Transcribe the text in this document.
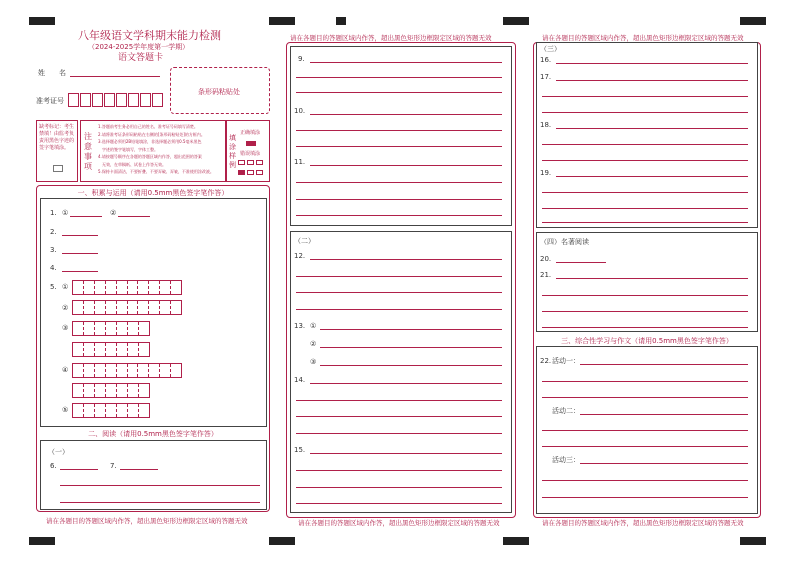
八年级语文学科期末能力检测
（2024-2025学年度第一学期）
语文答题卡
姓　　名
准考证号
条形码粘贴处
缺考标记：考生禁填！由监考负责用黑色字迹的签字笔填涂。
注意事项
1.答题前考生务必用自己的姓名、准考证号码填写清楚。
2.请将准考证条形码粘贴在右侧的[条形码粘贴处]的方框内。
3.选择题必须用2B铅笔填涂，非选择题必须用0.5毫米黑色
　字迹的签字笔填写，字体工整。
4.请按题号顺序在各题的答题区域内作答，超出范围的答案
　无效，在草稿纸、试卷上作答无效。
5.保持卡面清洁，不要折叠、不要弄破、弄皱，不准使用涂改液。
填涂样例
正确填涂
错误填涂
一、积累与运用（请用0.5mm黑色签字笔作答）
1. ①	②
2.
3.
4.
5. ①
②
③
④
⑤
二、阅读（请用0.5mm黑色签字笔作答）
（一）
6.	7.
请在各题目的答题区域内作答，超出黑色矩形边框限定区域的答题无效
请在各题目的答题区域内作答，超出黑色矩形边框限定区域的答题无效
9.
10.
11.
（二）
12.
13. ①
②
③
14.
15.
请在各题目的答题区域内作答，超出黑色矩形边框限定区域的答题无效
请在各题目的答题区域内作答，超出黑色矩形边框限定区域的答题无效
（三）
16.
17.
18.
19.
（四）名著阅读
20.
21.
三、综合性学习与作文（请用0.5mm黑色签字笔作答）
22. 活动一：
活动二：
活动三：
请在各题目的答题区域内作答，超出黑色矩形边框限定区域的答题无效
